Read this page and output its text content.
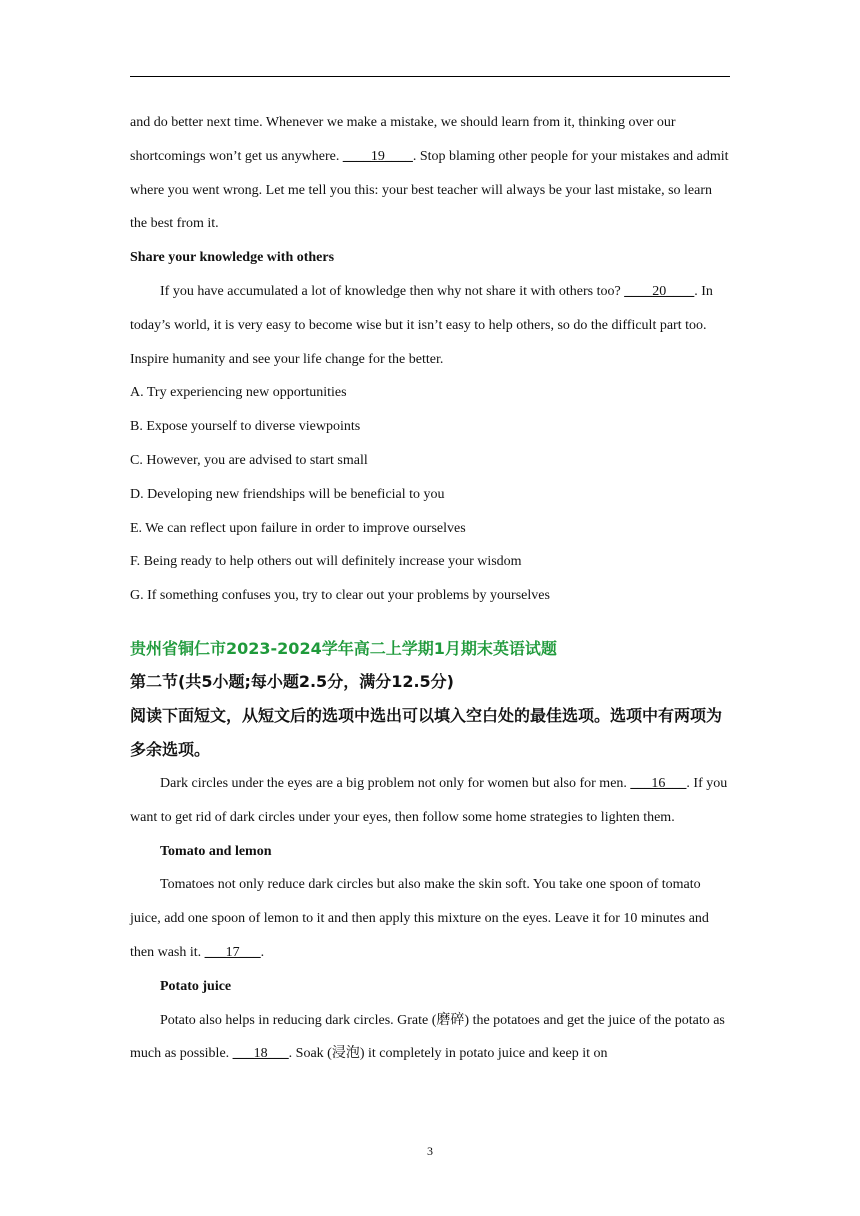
and do better next time. Whenever we make a mistake, we should learn from it, thinking over our shortcomings won’t get us anywhere. ____19____. Stop blaming other people for your mistakes and admit where you went wrong. Let me tell you this: your best teacher will always be your last mistake, so learn the best from it.

Share your knowledge with others

If you have accumulated a lot of knowledge then why not share it with others too? ____20____. In today’s world, it is very easy to become wise but it isn’t easy to help others, so do the difficult part too. Inspire humanity and see your life change for the better.

A. Try experiencing new opportunities

B. Expose yourself to diverse viewpoints

C. However, you are advised to start small

D. Developing new friendships will be beneficial to you

E. We can reflect upon failure in order to improve ourselves

F. Being ready to help others out will definitely increase your wisdom

G. If something confuses you, try to clear out your problems by yourselves

贵州省铜仁市2023-2024学年高二上学期1月期末英语试题

第二节(共5小题;每小题2.5分，满分12.5分)

阅读下面短文，从短文后的选项中选出可以填入空白处的最佳选项。选项中有两项为多余选项。

Dark circles under the eyes are a big problem not only for women but also for men. ___16___. If you want to get rid of dark circles under your eyes, then follow some home strategies to lighten them.

Tomato and lemon

Tomatoes not only reduce dark circles but also make the skin soft. You take one spoon of tomato juice, add one spoon of lemon to it and then apply this mixture on the eyes. Leave it for 10 minutes and then wash it. ___17___.

Potato juice

Potato also helps in reducing dark circles. Grate (磨碎) the potatoes and get the juice of the potato as much as possible. ___18___. Soak (浸泡) it completely in potato juice and keep it on

3
